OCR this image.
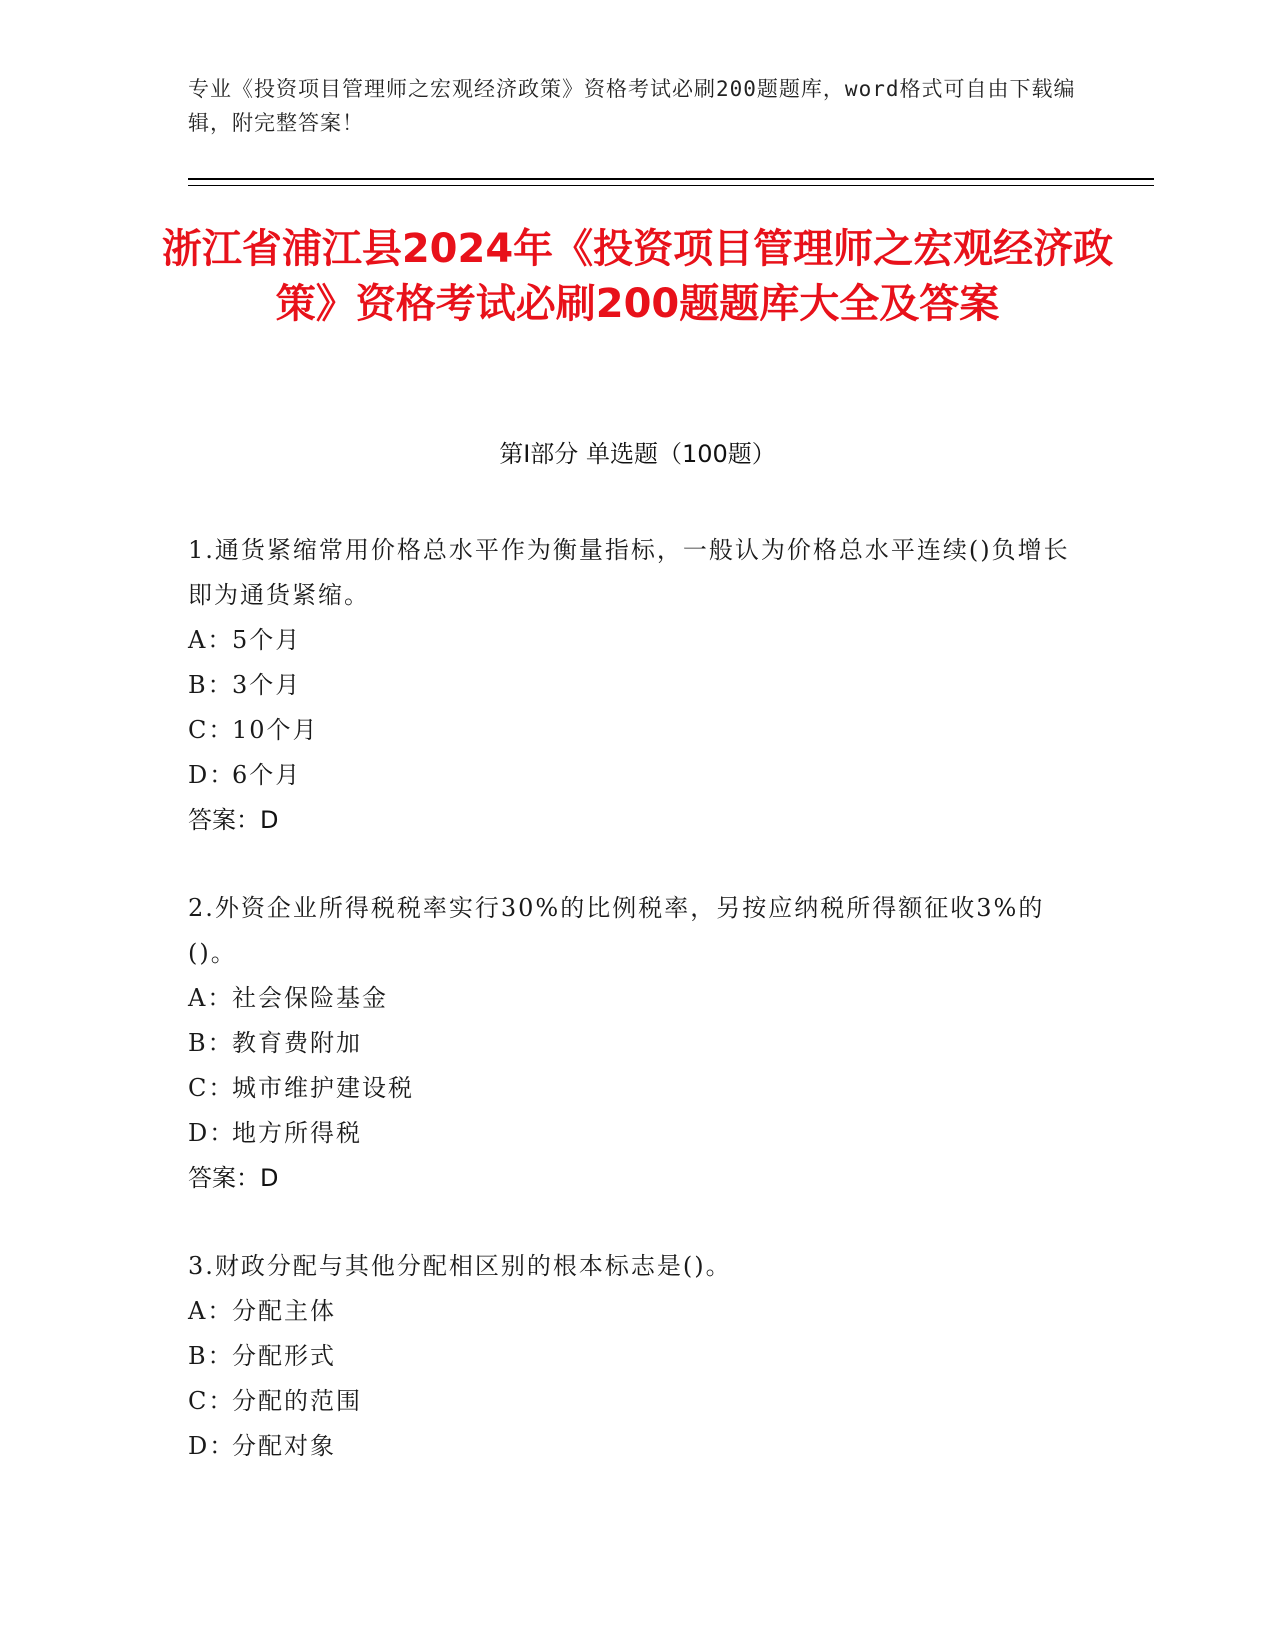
专业《投资项目管理师之宏观经济政策》资格考试必刷200题题库，word格式可自由下载编辑，附完整答案！
浙江省浦江县2024年《投资项目管理师之宏观经济政策》资格考试必刷200题题库大全及答案
第Ⅰ部分 单选题（100题）
1.通货紧缩常用价格总水平作为衡量指标，一般认为价格总水平连续()负增长即为通货紧缩。
A：
5个月
B：
3个月
C：
10个月
D：
6个月
答案：D
2.外资企业所得税税率实行30%的比例税率，另按应纳税所得额征收3%的()。
A：
社会保险基金
B：
教育费附加
C：
城市维护建设税
D：
地方所得税
答案：D
3.财政分配与其他分配相区别的根本标志是()。
A：
分配主体
B：
分配形式
C：
分配的范围
D：
分配对象
